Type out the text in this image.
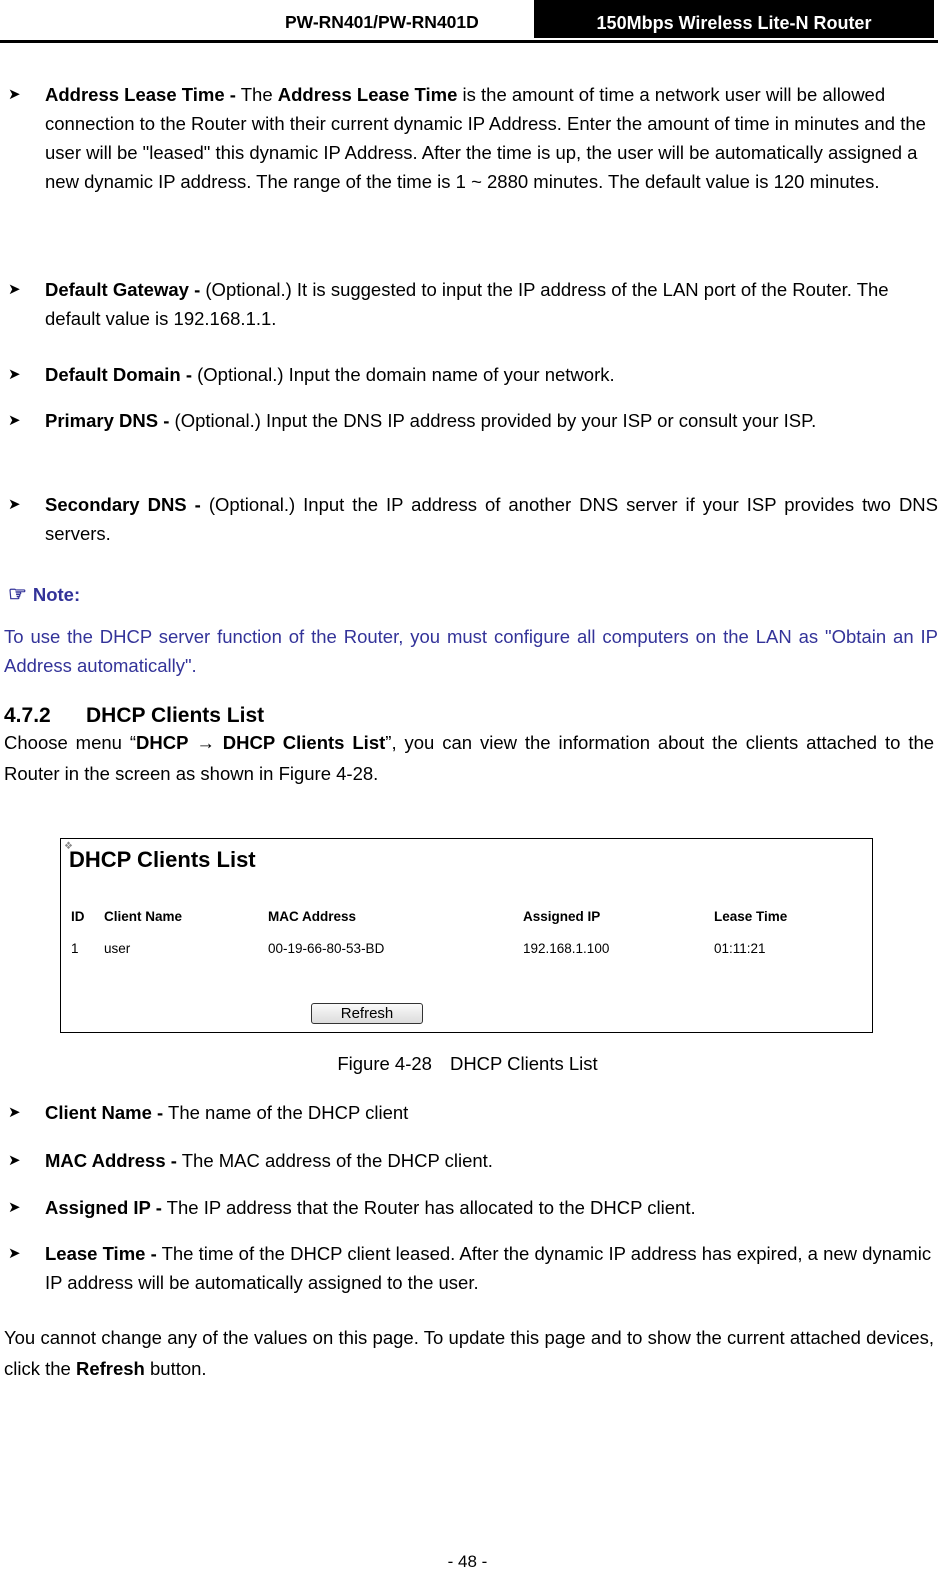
PW-RN401/PW-RN401D	150Mbps Wireless Lite-N Router
➤	Address Lease Time - The Address Lease Time is the amount of time a network user will be allowed connection to the Router with their current dynamic IP Address. Enter the amount of time in minutes and the user will be "leased" this dynamic IP Address. After the time is up, the user will be automatically assigned a new dynamic IP address. The range of the time is 1 ~ 2880 minutes. The default value is 120 minutes.
➤	Default Gateway - (Optional.) It is suggested to input the IP address of the LAN port of the Router. The default value is 192.168.1.1.
➤	Default Domain - (Optional.) Input the domain name of your network.
➤	Primary DNS - (Optional.) Input the DNS IP address provided by your ISP or consult your ISP.
➤	Secondary DNS - (Optional.) Input the IP address of another DNS server if your ISP provides two DNS servers.
☞ Note:
To use the DHCP server function of the Router, you must configure all computers on the LAN as "Obtain an IP Address automatically".
4.7.2 DHCP Clients List
Choose menu “DHCP → DHCP Clients List”, you can view the information about the clients attached to the Router in the screen as shown in Figure 4-28.
❖
DHCP Clients List
ID Client Name	MAC Address	Assigned IP	Lease Time
1 user	00-19-66-80-53-BD	192.168.1.100	01:11:21
Refresh
Figure 4-28 DHCP Clients List
➤	Client Name - The name of the DHCP client
➤	MAC Address - The MAC address of the DHCP client.
➤	Assigned IP - The IP address that the Router has allocated to the DHCP client.
➤	Lease Time - The time of the DHCP client leased. After the dynamic IP address has expired, a new dynamic IP address will be automatically assigned to the user.
You cannot change any of the values on this page. To update this page and to show the current attached devices, click the Refresh button.
- 48 -
